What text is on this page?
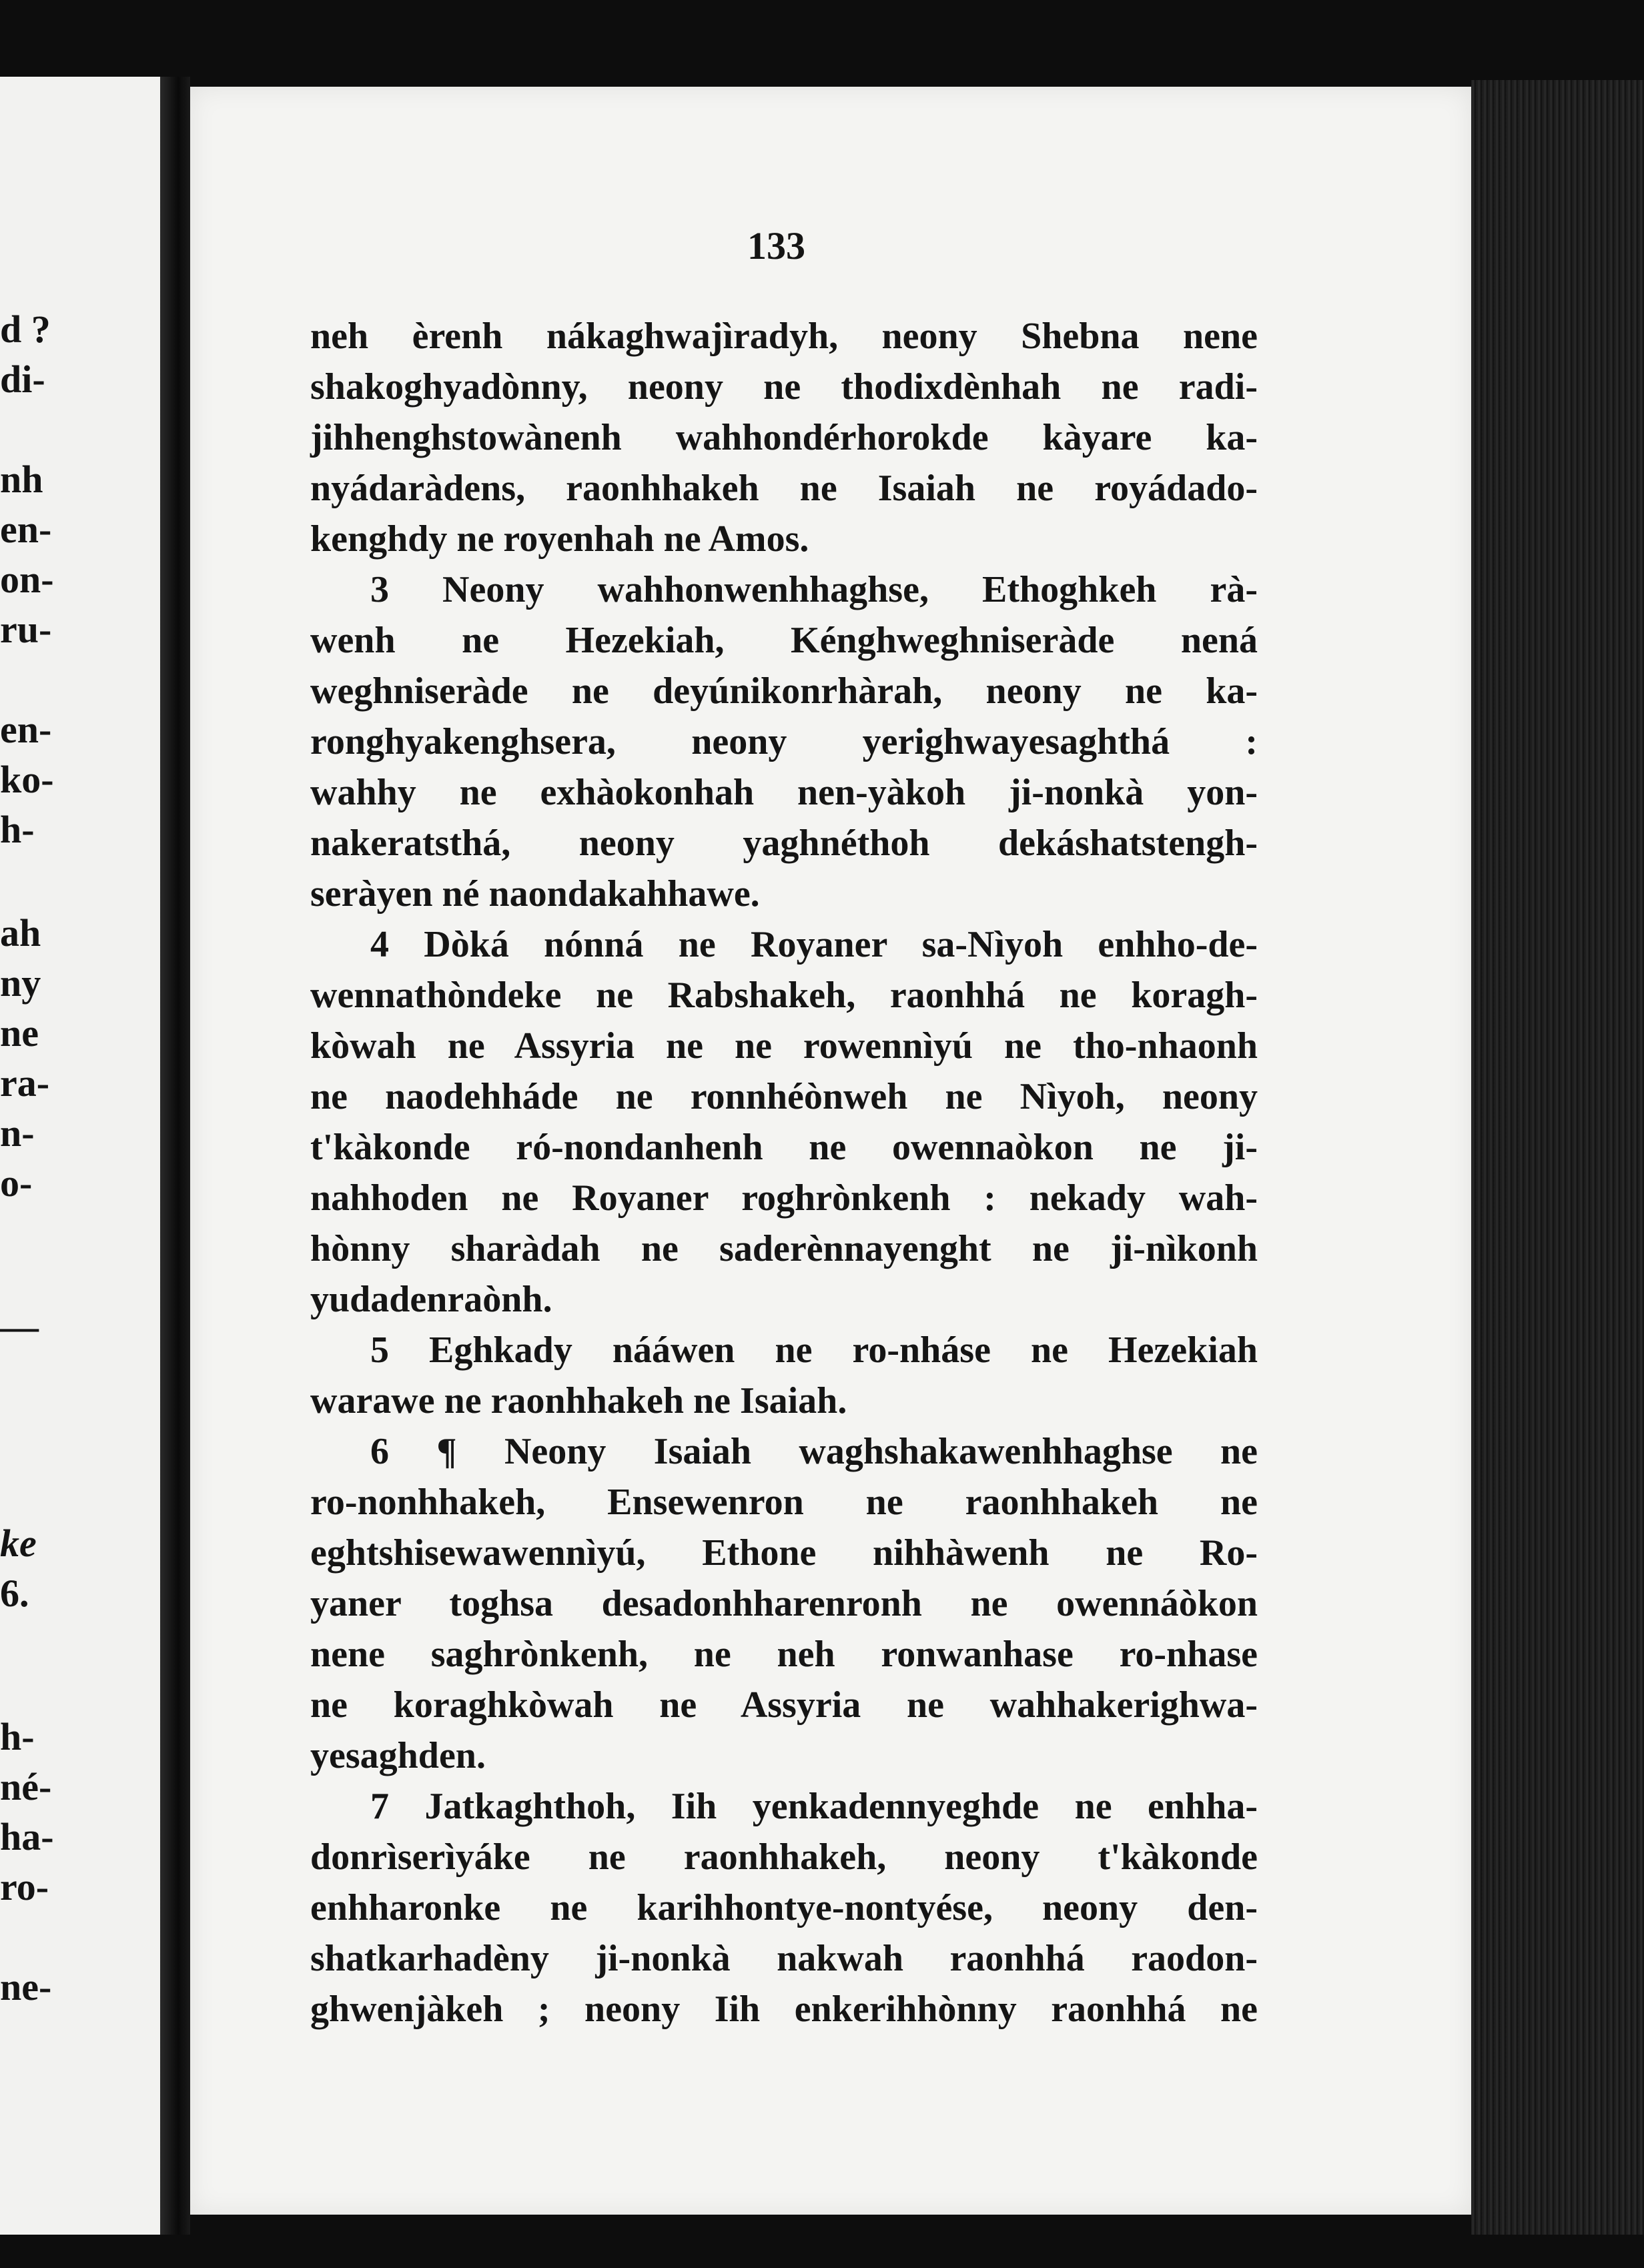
d ?
di-
nh
en-
on-
ru-
en-
ko-
h-
ah
ny
ne
ra-
n-
o-
—
ke
6.
h-
né-
ha-
ro-
ne-
133
neh èrenh nákaghwajìradyh, neony Shebna nene
shakoghyadònny, neony ne thodixdènhah ne radi-
jihhenghstowànenh wahhondérhorokde kàyare ka-
nyádaràdens, raonhhakeh ne Isaiah ne royádado-
kenghdy ne royenhah ne Amos.
3 Neony wahhonwenhhaghse, Ethoghkeh rà-
wenh ne Hezekiah, Kénghweghniseràde nená
weghniseràde ne deyúnikonrhàrah, neony ne ka-
ronghyakenghsera, neony yerighwayesaghthá :
wahhy ne exhàokonhah nen-yàkoh ji-nonkà yon-
nakeratsthá, neony yaghnéthoh dekáshatstengh-
seràyen né naondakahhawe.
4 Dòká nónná ne Royaner sa-Nìyoh enhho-de-
wennathòndeke ne Rabshakeh, raonhhá ne koragh-
kòwah ne Assyria ne ne rowennìyú ne tho-nhaonh
ne naodehháde ne ronnhéònweh ne Nìyoh, neony
t'kàkonde ró-nondanhenh ne owennaòkon ne ji-
nahhoden ne Royaner roghrònkenh : nekady wah-
hònny sharàdah ne saderènnayenght ne ji-nìkonh
yudadenraònh.
5 Eghkady nááwen ne ro-nháse ne Hezekiah
warawe ne raonhhakeh ne Isaiah.
6 ¶ Neony Isaiah waghshakawenhhaghse ne
ro-nonhhakeh, Ensewenron ne raonhhakeh ne
eghtshisewawennìyú, Ethone nihhàwenh ne Ro-
yaner toghsa desadonhharenronh ne owennáòkon
nene saghrònkenh, ne neh ronwanhase ro-nhase
ne koraghkòwah ne Assyria ne wahhakerighwa-
yesaghden.
7 Jatkaghthoh, Iih yenkadennyeghde ne enhha-
donrìserìyáke ne raonhhakeh, neony t'kàkonde
enhharonke ne karihhontye-nontyése, neony den-
shatkarhadèny ji-nonkà nakwah raonhhá raodon-
ghwenjàkeh ; neony Iih enkerihhònny raonhhá ne
